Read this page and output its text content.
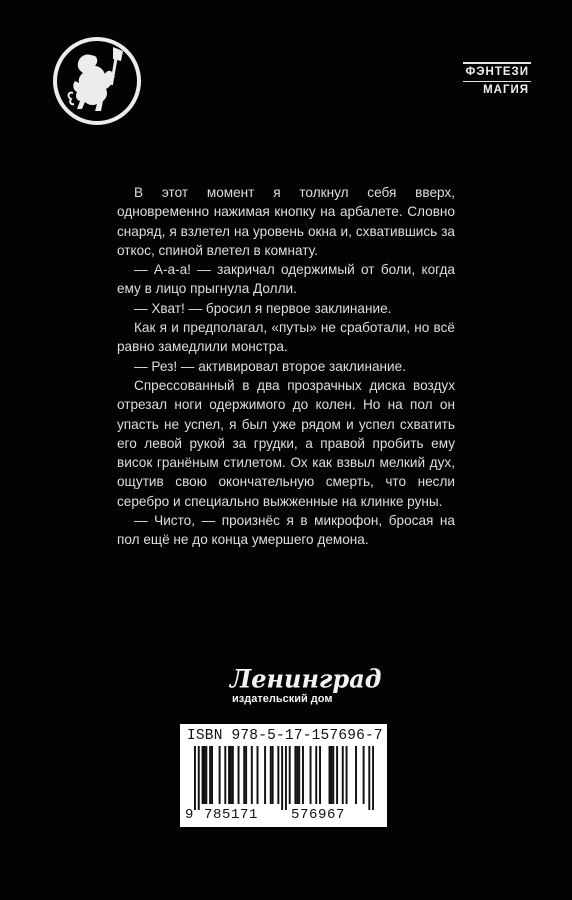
ФЭНТЕЗИ
МАГИЯ

В этот момент я толкнул себя вверх, одновременно нажимая кнопку на арбалете. Словно снаряд, я взлетел на уровень окна и, схватившись за откос, спиной влетел в комнату.

— А-а-а! — закричал одержимый от боли, когда ему в лицо прыгнула Долли.

— Хват! — бросил я первое заклинание.

Как я и предполагал, «путы» не сработали, но всё равно замедлили монстра.

— Рез! — активировал второе заклинание.

Спрессованный в два прозрачных диска воздух отрезал ноги одержимого до колен. Но на пол он упасть не успел, я был уже рядом и успел схватить его левой рукой за грудки, а правой пробить ему висок гранёным стилетом. Ох как взвыл мелкий дух, ощутив свою окончательную смерть, что несли серебро и специально выжженные на клинке руны.

— Чисто, — произнёс я в микрофон, бросая на пол ещё не до конца умершего демона.

Ленинград
издательский дом
ISBN 978-5-17-157696-7
9 785171 576967
